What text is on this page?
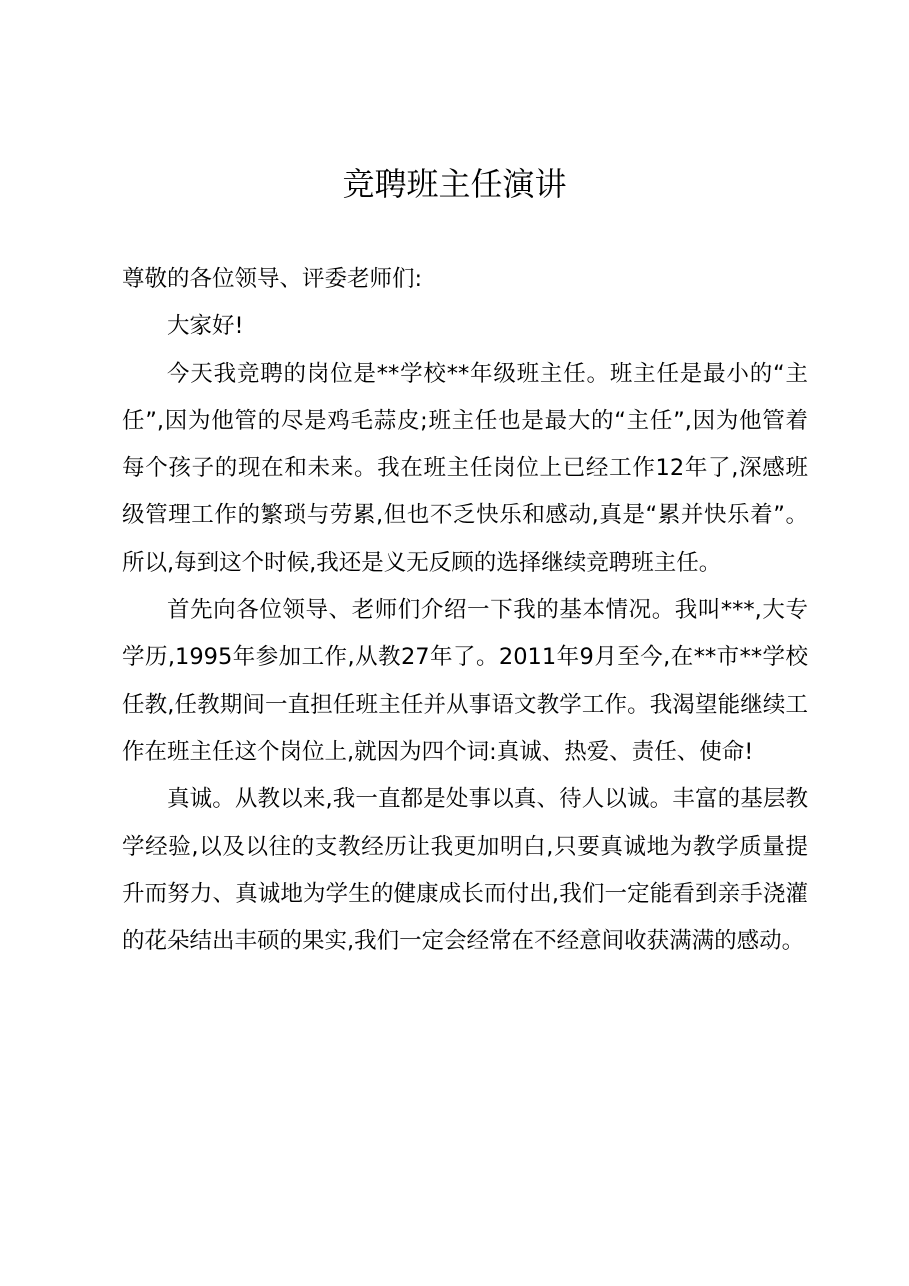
竞聘班主任演讲

尊敬的各位领导、评委老师们:

大家好!

今天我竞聘的岗位是**学校**年级班主任。班主任是最小的“主任”,因为他管的尽是鸡毛蒜皮;班主任也是最大的“主任”,因为他管着每个孩子的现在和未来。我在班主任岗位上已经工作12年了,深感班级管理工作的繁琐与劳累,但也不乏快乐和感动,真是“累并快乐着”。所以,每到这个时候,我还是义无反顾的选择继续竞聘班主任。

首先向各位领导、老师们介绍一下我的基本情况。我叫***,大专学历,1995年参加工作,从教27年了。2011年9月至今,在**市**学校任教,任教期间一直担任班主任并从事语文教学工作。我渴望能继续工作在班主任这个岗位上,就因为四个词:真诚、热爱、责任、使命!

真诚。从教以来,我一直都是处事以真、待人以诚。丰富的基层教学经验,以及以往的支教经历让我更加明白,只要真诚地为教学质量提升而努力、真诚地为学生的健康成长而付出,我们一定能看到亲手浇灌的花朵结出丰硕的果实,我们一定会经常在不经意间收获满满的感动。
